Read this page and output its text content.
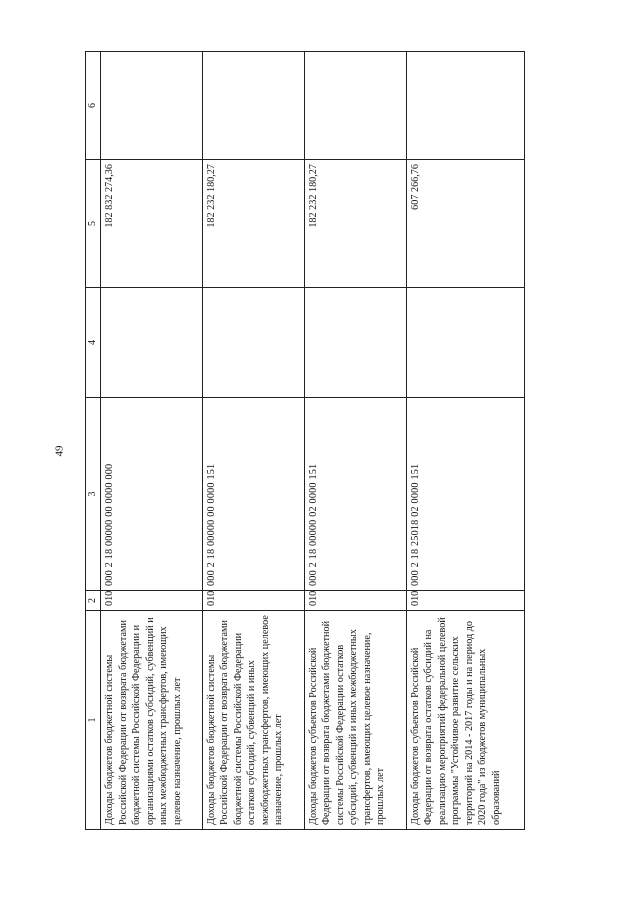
49
1	2	3	4	5	6
Доходы бюджетов бюджетной системы Российской Федерации от возврата бюджетами бюджетной системы Российской Федерации и организациями остатков субсидий, субвенций и иных межбюджетных трансфертов, имеющих целевое назначение, прошлых лет	010	000 2 18 00000 00 0000 000		182 832 274,36	
Доходы бюджетов бюджетной системы Российской Федерации от возврата бюджетами бюджетной системы Российской Федерации остатков субсидий, субвенций и иных межбюджетных трансфертов, имеющих целевое назначение, прошлых лет	010	000 2 18 00000 00 0000 151		182 232 180,27	
Доходы бюджетов субъектов Российской Федерации от возврата бюджетами бюджетной системы Российской Федерации остатков субсидий, субвенций и иных межбюджетных трансфертов, имеющих целевое назначение, прошлых лет	010	000 2 18 00000 02 0000 151		182 232 180,27	
Доходы бюджетов субъектов Российской Федерации от возврата остатков субсидий на реализацию мероприятий федеральной целевой программы "Устойчивое развитие сельских территорий на 2014 - 2017 годы и на период до 2020 года" из бюджетов муниципальных образований	010	000 2 18 25018 02 0000 151		607 266,76	
